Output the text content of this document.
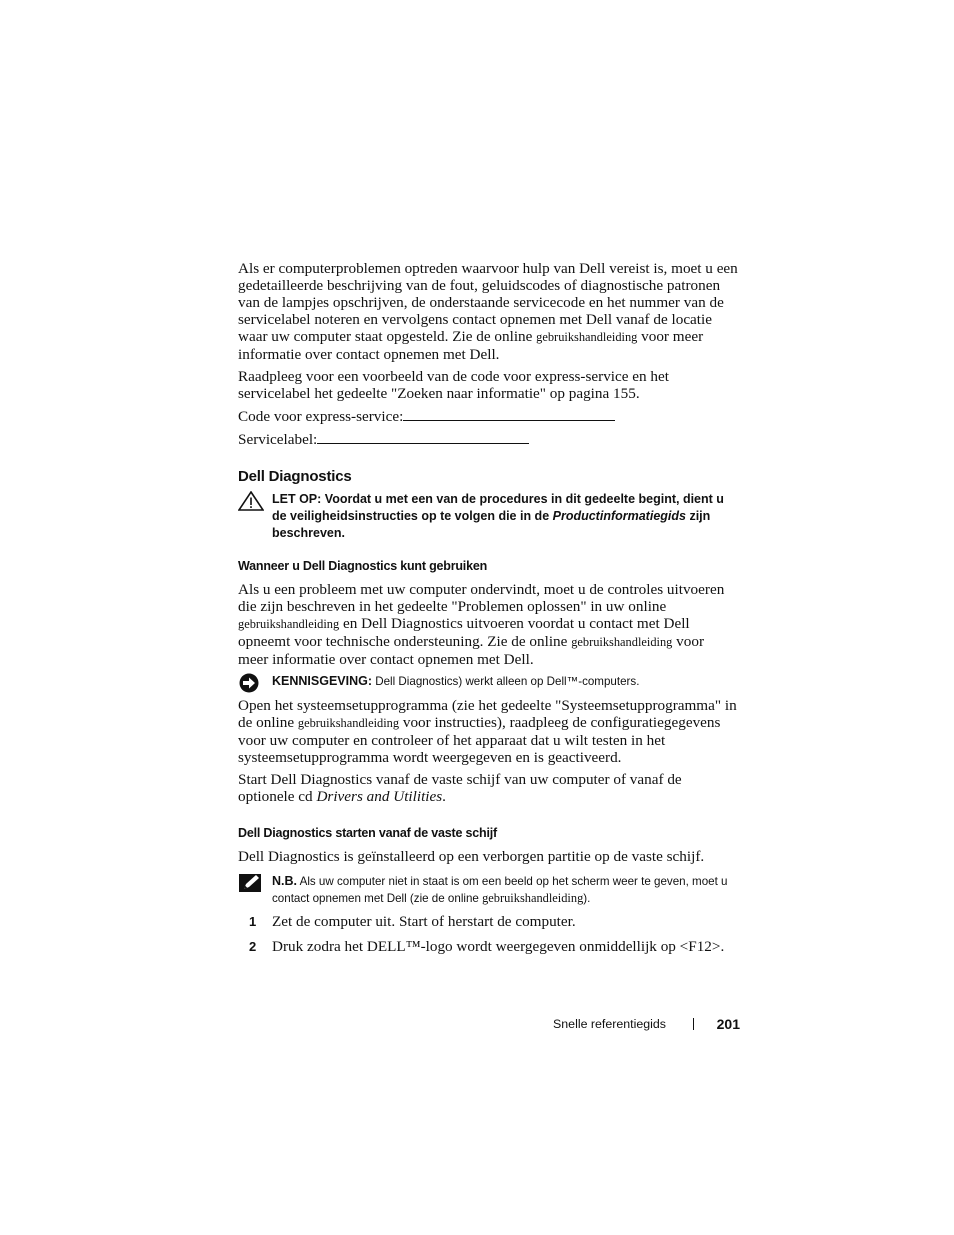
Als er computerproblemen optreden waarvoor hulp van Dell vereist is, moet u een gedetailleerde beschrijving van de fout, geluidscodes of diagnostische patronen van de lampjes opschrijven, de onderstaande servicecode en het nummer van de servicelabel noteren en vervolgens contact opnemen met Dell vanaf de locatie waar uw computer staat opgesteld. Zie de online gebruikshandleiding voor meer informatie over contact opnemen met Dell.

Raadpleeg voor een voorbeeld van de code voor express-service en het servicelabel het gedeelte "Zoeken naar informatie" op pagina 155.

Code voor express-service:

Servicelabel:

Dell Diagnostics
LET OP: Voordat u met een van de procedures in dit gedeelte begint, dient u de veiligheidsinstructies op te volgen die in de Productinformatiegids zijn beschreven.
Wanneer u Dell Diagnostics kunt gebruiken

Als u een probleem met uw computer ondervindt, moet u de controles uitvoeren die zijn beschreven in het gedeelte "Problemen oplossen" in uw online gebruikshandleiding en Dell Diagnostics uitvoeren voordat u contact met Dell opneemt voor technische ondersteuning. Zie de online gebruikshandleiding voor meer informatie over contact opnemen met Dell.

KENNISGEVING: Dell Diagnostics) werkt alleen op Dell™-computers.

Open het systeemsetupprogramma (zie het gedeelte "Systeemsetupprogramma" in de online gebruikshandleiding voor instructies), raadpleeg de configuratiegegevens voor uw computer en controleer of het apparaat dat u wilt testen in het systeemsetupprogramma wordt weergegeven en is geactiveerd.

Start Dell Diagnostics vanaf de vaste schijf van uw computer of vanaf de optionele cd Drivers and Utilities.

Dell Diagnostics starten vanaf de vaste schijf

Dell Diagnostics is geïnstalleerd op een verborgen partitie op de vaste schijf.

N.B. Als uw computer niet in staat is om een beeld op het scherm weer te geven, moet u contact opnemen met Dell (zie de online gebruikshandleiding).
1 Zet de computer uit. Start of herstart de computer.
2 Druk zodra het DELL™-logo wordt weergegeven onmiddellijk op <F12>.
Snelle referentiegids	201
